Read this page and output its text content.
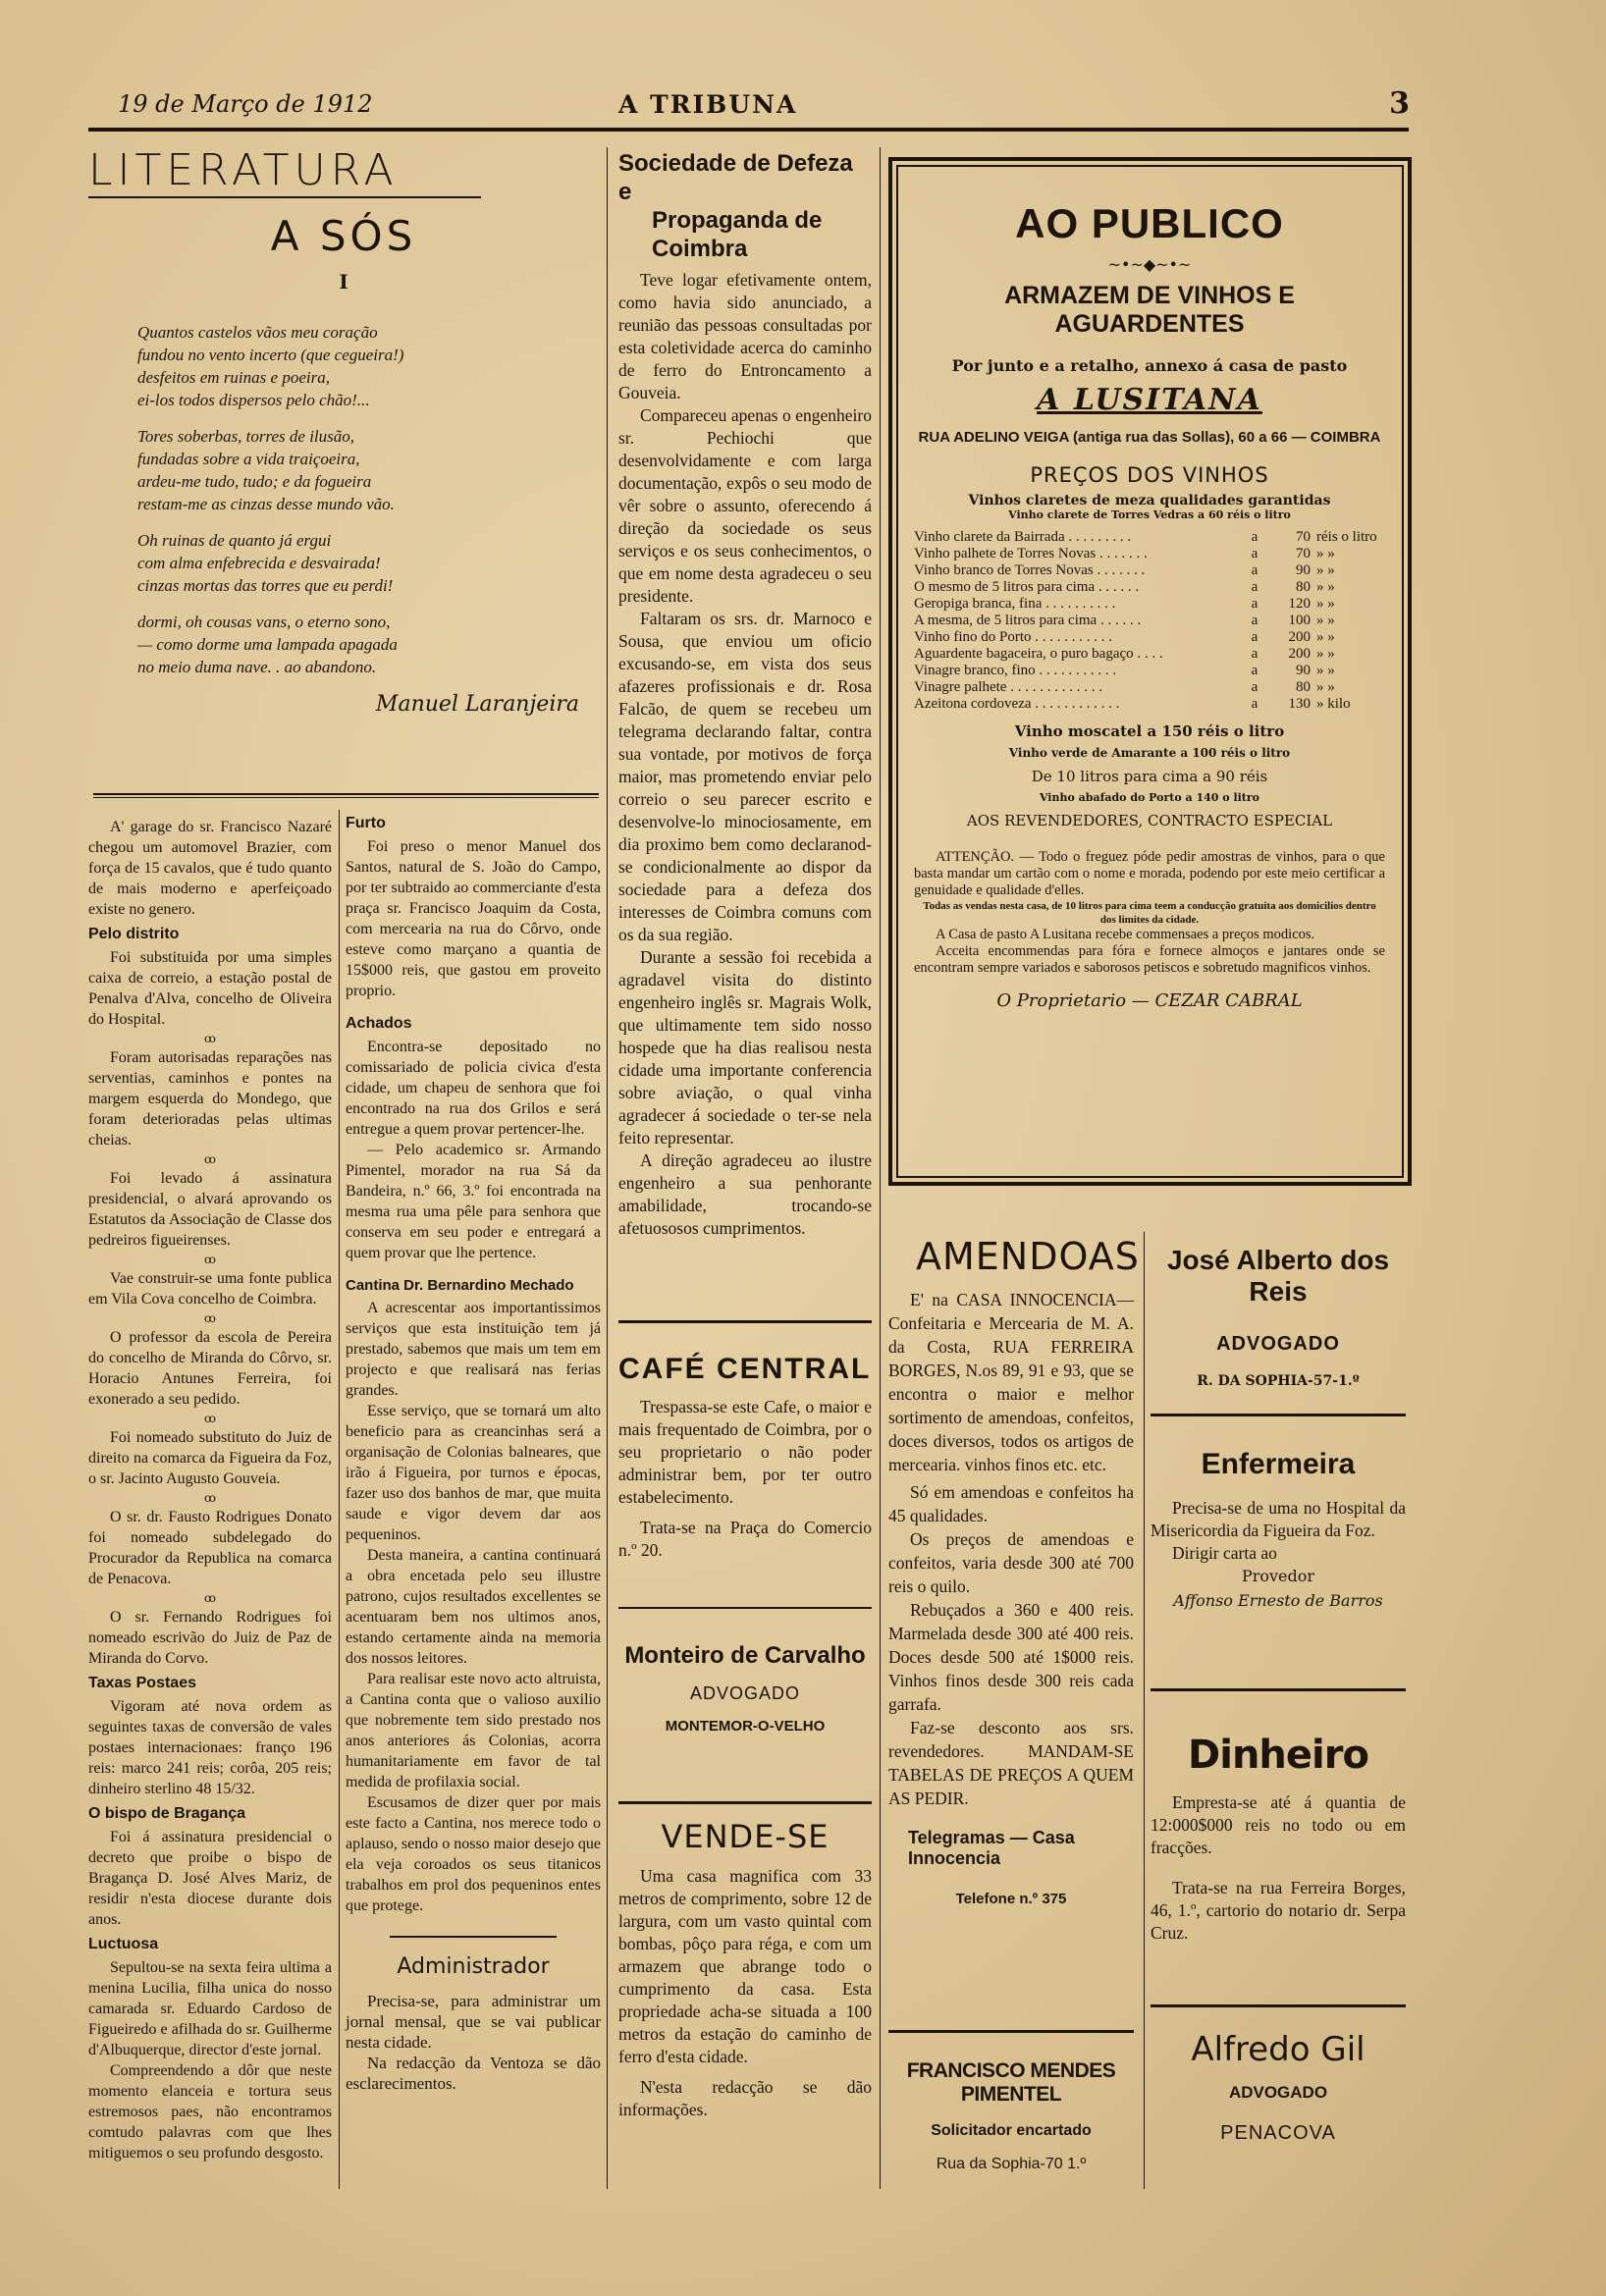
19 de Março de 1912	A TRIBUNA	3
LITERATURA
A SÓS
I

Quantos castelos vãos meu coração

fundou no vento incerto (que cegueira!)

desfeitos em ruinas e poeira,

ei-los todos dispersos pelo chão!...

Tores soberbas, torres de ilusão,

fundadas sobre a vida traiçoeira,

ardeu-me tudo, tudo; e da fogueira

restam-me as cinzas desse mundo vão.

Oh ruinas de quanto já ergui

com alma enfebrecida e desvairada!

cinzas mortas das torres que eu perdi!

dormi, oh cousas vans, o eterno sono,

— como dorme uma lampada apagada

no meio duma nave. . ao abandono.

Manuel Laranjeira

A' garage do sr. Francisco Nazaré chegou um automovel Brazier, com força de 15 cavalos, que é tudo quanto de mais moderno e aperfeiçoado existe no genero.

Pelo distrito

Foi substituida por uma simples caixa de correio, a estação postal de Penalva d'Alva, concelho de Oliveira do Hospital.

ꝏ

Foram autorisadas reparações nas serventias, caminhos e pontes na margem esquerda do Mondego, que foram deterioradas pelas ultimas cheias.

ꝏ

Foi levado á assinatura presidencial, o alvará aprovando os Estatutos da Associação de Classe dos pedreiros figueirenses.

ꝏ

Vae construir-se uma fonte publica em Vila Cova concelho de Coimbra.

ꝏ

O professor da escola de Pereira do concelho de Miranda do Côrvo, sr. Horacio Antunes Ferreira, foi exonerado a seu pedido.

ꝏ

Foi nomeado substituto do Juiz de direito na comarca da Figueira da Foz, o sr. Jacinto Augusto Gouveia.

ꝏ

O sr. dr. Fausto Rodrigues Donato foi nomeado subdelegado do Procurador da Republica na comarca de Penacova.

ꝏ

O sr. Fernando Rodrigues foi nomeado escrivão do Juiz de Paz de Miranda do Corvo.

Taxas Postaes

Vigoram até nova ordem as seguintes taxas de conversão de vales postaes internacionaes: franço 196 reis: marco 241 reis; corôa, 205 reis; dinheiro sterlino 48 15/32.

O bispo de Bragança

Foi á assinatura presidencial o decreto que proibe o bispo de Bragança D. José Alves Mariz, de residir n'esta diocese durante dois anos.

Luctuosa

Sepultou-se na sexta feira ultima a menina Lucilia, filha unica do nosso camarada sr. Eduardo Cardoso de Figueiredo e afilhada do sr. Guilherme d'Albuquerque, director d'este jornal.

Compreendendo a dôr que neste momento elanceia e tortura seus estremosos paes, não encontramos comtudo palavras com que lhes mitiguemos o seu profundo desgosto.

Furto

Foi preso o menor Manuel dos Santos, natural de S. João do Campo, por ter subtraido ao commerciante d'esta praça sr. Francisco Joaquim da Costa, com mercearia na rua do Côrvo, onde esteve como marçano a quantia de 15$000 reis, que gastou em proveito proprio.

Achados

Encontra-se depositado no comissariado de policia civica d'esta cidade, um chapeu de senhora que foi encontrado na rua dos Grilos e será entregue a quem provar pertencer-lhe.

— Pelo academico sr. Armando Pimentel, morador na rua Sá da Bandeira, n.º 66, 3.º foi encontrada na mesma rua uma pêle para senhora que conserva em seu poder e entregará a quem provar que lhe pertence.

Cantina Dr. Bernardino Mechado

A acrescentar aos importantissimos serviços que esta instituição tem já prestado, sabemos que mais um tem em projecto e que realisará nas ferias grandes.

Esse serviço, que se tornará um alto beneficio para as creancinhas será a organisação de Colonias balneares, que irão á Figueira, por turnos e épocas, fazer uso dos banhos de mar, que muita saude e vigor devem dar aos pequeninos.

Desta maneira, a cantina continuará a obra encetada pelo seu illustre patrono, cujos resultados excellentes se acentuaram bem nos ultimos anos, estando certamente ainda na memoria dos nossos leitores.

Para realisar este novo acto altruista, a Cantina conta que o valioso auxilio que nobremente tem sido prestado nos anos anteriores ás Colonias, acorra humanitariamente em favor de tal medida de profilaxia social.

Escusamos de dizer quer por mais este facto a Cantina, nos merece todo o aplauso, sendo o nosso maior desejo que ela veja coroados os seus titanicos trabalhos em prol dos pequeninos entes que protege.

Administrador

Precisa-se, para administrar um jornal mensal, que se vai publicar nesta cidade.

Na redacção da Ventoza se dão esclarecimentos.

Sociedade de Defeza e
Propaganda de Coimbra

Teve logar efetivamente ontem, como havia sido anunciado, a reunião das pessoas consultadas por esta coletividade acerca do caminho de ferro do Entroncamento a Gouveia.

Compareceu apenas o engenheiro sr. Pechiochi que desenvolvidamente e com larga documentação, expôs o seu modo de vêr sobre o assunto, oferecendo á direção da sociedade os seus serviços e os seus conhecimentos, o que em nome desta agradeceu o seu presidente.

Faltaram os srs. dr. Marnoco e Sousa, que enviou um oficio excusando-se, em vista dos seus afazeres profissionais e dr. Rosa Falcão, de quem se recebeu um telegrama declarando faltar, contra sua vontade, por motivos de força maior, mas prometendo enviar pelo correio o seu parecer escrito e desenvolve-lo minociosamente, em dia proximo bem como declaranod-se condicionalmente ao dispor da sociedade para a defeza dos interesses de Coimbra comuns com os da sua região.

Durante a sessão foi recebida a agradavel visita do distinto engenheiro inglês sr. Magrais Wolk, que ultimamente tem sido nosso hospede que ha dias realisou nesta cidade uma importante conferencia sobre aviação, o qual vinha agradecer á sociedade o ter-se nela feito representar.

A direção agradeceu ao ilustre engenheiro a sua penhorante amabilidade, trocando-se afetuososos cumprimentos.

CAFÉ CENTRAL

Trespassa-se este Cafe, o maior e mais frequentado de Coimbra, por o seu proprietario o não poder administrar bem, por ter outro estabelecimento.

Trata-se na Praça do Comercio n.º 20.

Monteiro de Carvalho
ADVOGADO
MONTEMOR-O-VELHO
VENDE-SE

Uma casa magnifica com 33 metros de comprimento, sobre 12 de largura, com um vasto quintal com bombas, pôço para réga, e com um armazem que abrange todo o cumprimento da casa. Esta propriedade acha-se situada a 100 metros da estação do caminho de ferro d'esta cidade.

N'esta redacção se dão informações.

AO PUBLICO
~•~◆~•~
ARMAZEM DE VINHOS E AGUARDENTES
Por junto e a retalho, annexo á casa de pasto
A LUSITANA
RUA ADELINO VEIGA (antiga rua das Sollas), 60 a 66 — COIMBRA
PREÇOS DOS VINHOS
Vinhos claretes de meza qualidades garantidas
Vinho clarete de Torres Vedras a 60 réis o litro
Vinho clarete da Bairrada . . . . . . . . .	a	70	réis o litro
Vinho palhete de Torres Novas . . . . . . .	a	70	» »
Vinho branco de Torres Novas . . . . . . .	a	90	» »
O mesmo de 5 litros para cima . . . . . .	a	80	» »
Geropiga branca, fina . . . . . . . . . .	a	120	» »
A mesma, de 5 litros para cima . . . . . .	a	100	» »
Vinho fino do Porto . . . . . . . . . . .	a	200	» »
Aguardente bagaceira, o puro bagaço . . . .	a	200	» »
Vinagre branco, fino . . . . . . . . . . .	a	90	» »
Vinagre palhete . . . . . . . . . . . . .	a	80	» »
Azeitona cordoveza . . . . . . . . . . . .	a	130	» kilo
Vinho moscatel a 150 réis o litro
Vinho verde de Amarante a 100 réis o litro
De 10 litros para cima a 90 réis
Vinho abafado do Porto a 140 o litro
AOS REVENDEDORES, CONTRACTO ESPECIAL

ATTENÇÃO. — Todo o freguez póde pedir amostras de vinhos, para o que basta mandar um cartão com o nome e morada, podendo por este meio certificar a genuidade e qualidade d'elles.

Todas as vendas nesta casa, de 10 litros para cima teem a conducção gratuita aos domicilios dentro dos limites da cidade.

A Casa de pasto A Lusitana recebe commensaes a preços modicos.

Acceita encommendas para fóra e fornece almoços e jantares onde se encontram sempre variados e saborosos petiscos e sobretudo magnificos vinhos.

O Proprietario — CEZAR CABRAL
AMENDOAS

E' na CASA INNOCENCIA—Confeitaria e Mercearia de M. A. da Costa, RUA FERREIRA BORGES, N.os 89, 91 e 93, que se encontra o maior e melhor sortimento de amendoas, confeitos, doces diversos, todos os artigos de mercearia. vinhos finos etc. etc.

Só em amendoas e confeitos ha 45 qualidades.

Os preços de amendoas e confeitos, varia desde 300 até 700 reis o quilo.

Rebuçados a 360 e 400 reis. Marmelada desde 300 até 400 reis. Doces desde 500 até 1$000 reis. Vinhos finos desde 300 reis cada garrafa.

Faz-se desconto aos srs. revendedores. MANDAM-SE TABELAS DE PREÇOS A QUEM AS PEDIR.

Telegramas — Casa Innocencia
Telefone n.º 375
FRANCISCO MENDES PIMENTEL
Solicitador encartado
Rua da Sophia-70 1.º
José Alberto dos Reis
ADVOGADO
R. DA SOPHIA-57-1.º
Enfermeira

Precisa-se de uma no Hospital da Misericordia da Figueira da Foz.

Dirigir carta ao

Provedor
Affonso Ernesto de Barros
Dinheiro

Empresta-se até á quantia de 12:000$000 reis no todo ou em fracções.

Trata-se na rua Ferreira Borges, 46, 1.º, cartorio do notario dr. Serpa Cruz.

Alfredo Gil
ADVOGADO
PENACOVA
